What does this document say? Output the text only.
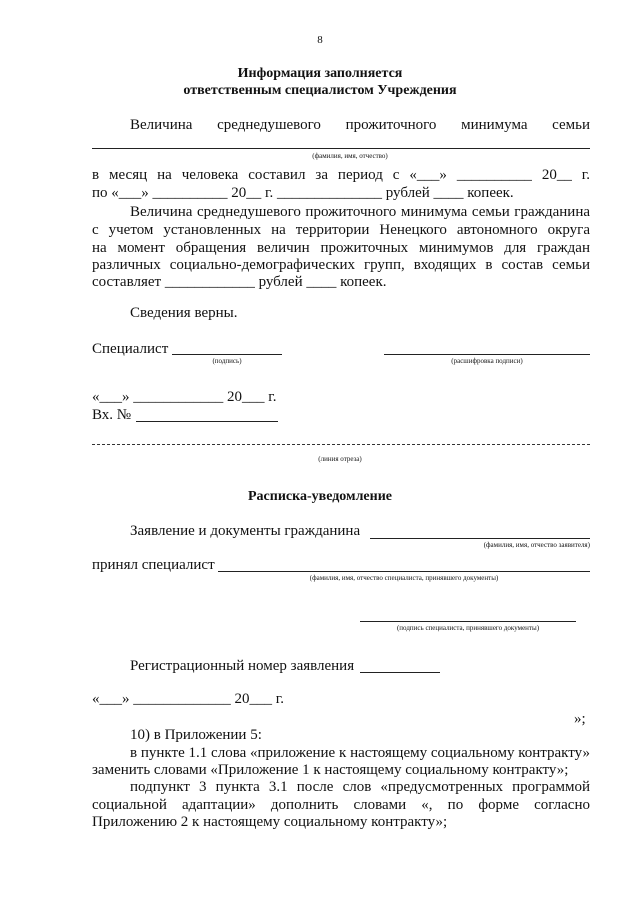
8
Информация заполняется
ответственным специалистом Учреждения
Величина среднедушевого прожиточного минимума семьи
(фамилия, имя, отчество)
в месяц на человека составил за период с «___» __________ 20__ г.
по «___» __________ 20__ г. ______________ рублей ____ копеек.
Величина среднедушевого прожиточного минимума семьи гражданина
с учетом установленных на территории Ненецкого автономного округа
на момент обращения величин прожиточных минимумов для граждан
различных социально-демографических групп, входящих в состав семьи
составляет ____________ рублей ____ копеек.
Сведения верны.
Специалист
(подпись)	(расшифровка подписи)
«___» ____________ 20___ г.
Вх. №
(линия отреза)
Расписка-уведомление
Заявление и документы гражданина
(фамилия, имя, отчество заявителя)
принял специалист
(фамилия, имя, отчество специалиста, принявшего документы)
(подпись специалиста, принявшего документы)
Регистрационный номер заявления
«___» _____________ 20___ г.
»;
10) в Приложении 5:
в пункте 1.1 слова «приложение к настоящему социальному контракту»
заменить словами «Приложение 1 к настоящему социальному контракту»;
подпункт 3 пункта 3.1 после слов «предусмотренных программой
социальной адаптации» дополнить словами «, по форме согласно
Приложению 2 к настоящему социальному контракту»;
